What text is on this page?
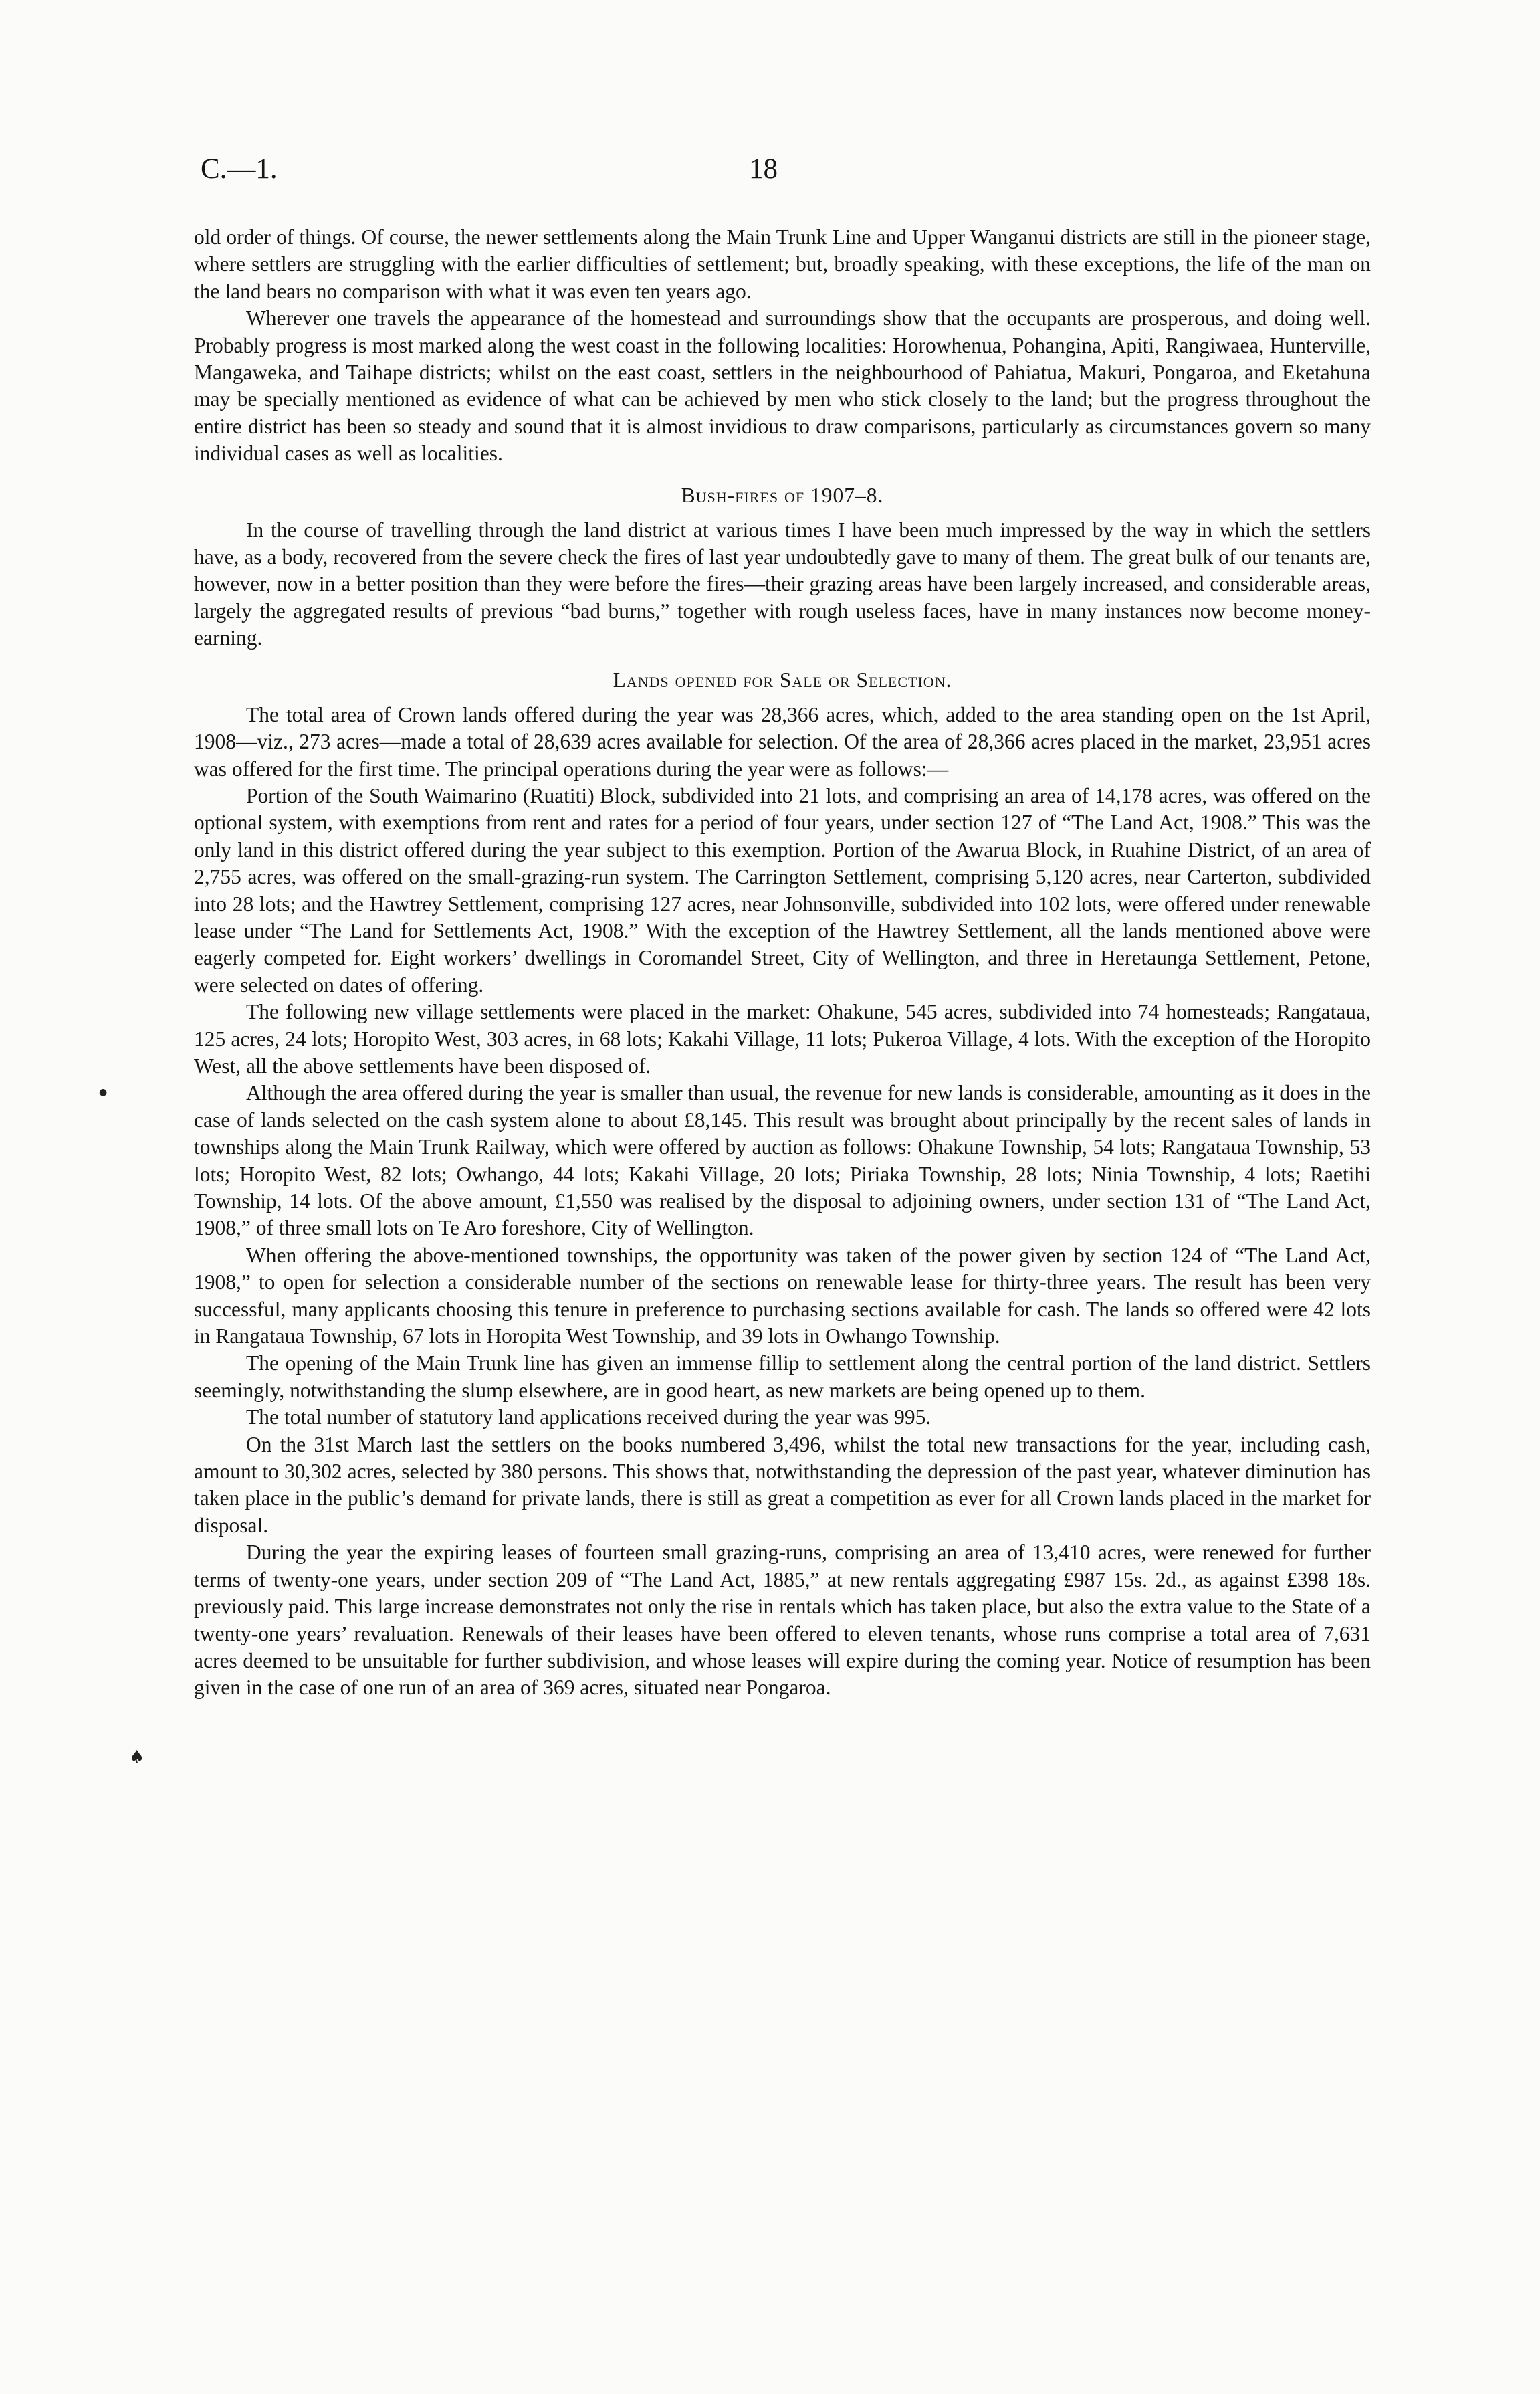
C.—1.	18
●
♠

old order of things. Of course, the newer settlements along the Main Trunk Line and Upper Wanganui districts are still in the pioneer stage, where settlers are struggling with the earlier difficulties of settlement; but, broadly speaking, with these exceptions, the life of the man on the land bears no comparison with what it was even ten years ago.

Wherever one travels the appearance of the homestead and surroundings show that the occupants are prosperous, and doing well. Probably progress is most marked along the west coast in the following localities: Horowhenua, Pohangina, Apiti, Rangiwaea, Hunterville, Mangaweka, and Taihape districts; whilst on the east coast, settlers in the neighbourhood of Pahiatua, Makuri, Pongaroa, and Eketahuna may be specially mentioned as evidence of what can be achieved by men who stick closely to the land; but the progress throughout the entire district has been so steady and sound that it is almost invidious to draw comparisons, particularly as circumstances govern so many individual cases as well as localities.

Bush-fires of 1907–8.

In the course of travelling through the land district at various times I have been much impressed by the way in which the settlers have, as a body, recovered from the severe check the fires of last year undoubtedly gave to many of them. The great bulk of our tenants are, however, now in a better position than they were before the fires—their grazing areas have been largely increased, and considerable areas, largely the aggregated results of previous “bad burns,” together with rough useless faces, have in many instances now become money-earning.

Lands opened for Sale or Selection.

The total area of Crown lands offered during the year was 28,366 acres, which, added to the area standing open on the 1st April, 1908—viz., 273 acres—made a total of 28,639 acres available for selection. Of the area of 28,366 acres placed in the market, 23,951 acres was offered for the first time. The principal operations during the year were as follows:—

Portion of the South Waimarino (Ruatiti) Block, subdivided into 21 lots, and comprising an area of 14,178 acres, was offered on the optional system, with exemptions from rent and rates for a period of four years, under section 127 of “The Land Act, 1908.” This was the only land in this district offered during the year subject to this exemption. Portion of the Awarua Block, in Ruahine District, of an area of 2,755 acres, was offered on the small-grazing-run system. The Carrington Settlement, comprising 5,120 acres, near Carterton, subdivided into 28 lots; and the Hawtrey Settlement, comprising 127 acres, near Johnsonville, subdivided into 102 lots, were offered under renewable lease under “The Land for Settlements Act, 1908.” With the exception of the Hawtrey Settlement, all the lands mentioned above were eagerly competed for. Eight workers’ dwellings in Coromandel Street, City of Wellington, and three in Heretaunga Settlement, Petone, were selected on dates of offering.

The following new village settlements were placed in the market: Ohakune, 545 acres, subdivided into 74 homesteads; Rangataua, 125 acres, 24 lots; Horopito West, 303 acres, in 68 lots; Kakahi Village, 11 lots; Pukeroa Village, 4 lots. With the exception of the Horopito West, all the above settlements have been disposed of.

Although the area offered during the year is smaller than usual, the revenue for new lands is considerable, amounting as it does in the case of lands selected on the cash system alone to about £8,145. This result was brought about principally by the recent sales of lands in townships along the Main Trunk Railway, which were offered by auction as follows: Ohakune Township, 54 lots; Rangataua Township, 53 lots; Horopito West, 82 lots; Owhango, 44 lots; Kakahi Village, 20 lots; Piriaka Township, 28 lots; Ninia Township, 4 lots; Raetihi Township, 14 lots. Of the above amount, £1,550 was realised by the disposal to adjoining owners, under section 131 of “The Land Act, 1908,” of three small lots on Te Aro foreshore, City of Wellington.

When offering the above-mentioned townships, the opportunity was taken of the power given by section 124 of “The Land Act, 1908,” to open for selection a considerable number of the sections on renewable lease for thirty-three years. The result has been very successful, many applicants choosing this tenure in preference to purchasing sections available for cash. The lands so offered were 42 lots in Rangataua Township, 67 lots in Horopita West Township, and 39 lots in Owhango Township.

The opening of the Main Trunk line has given an immense fillip to settlement along the central portion of the land district. Settlers seemingly, notwithstanding the slump elsewhere, are in good heart, as new markets are being opened up to them.

The total number of statutory land applications received during the year was 995.

On the 31st March last the settlers on the books numbered 3,496, whilst the total new transactions for the year, including cash, amount to 30,302 acres, selected by 380 persons. This shows that, notwithstanding the depression of the past year, whatever diminution has taken place in the public’s demand for private lands, there is still as great a competition as ever for all Crown lands placed in the market for disposal.

During the year the expiring leases of fourteen small grazing-runs, comprising an area of 13,410 acres, were renewed for further terms of twenty-one years, under section 209 of “The Land Act, 1885,” at new rentals aggregating £987 15s. 2d., as against £398 18s. previously paid. This large increase demonstrates not only the rise in rentals which has taken place, but also the extra value to the State of a twenty-one years’ revaluation. Renewals of their leases have been offered to eleven tenants, whose runs comprise a total area of 7,631 acres deemed to be unsuitable for further subdivision, and whose leases will expire during the coming year. Notice of resumption has been given in the case of one run of an area of 369 acres, situated near Pongaroa.
